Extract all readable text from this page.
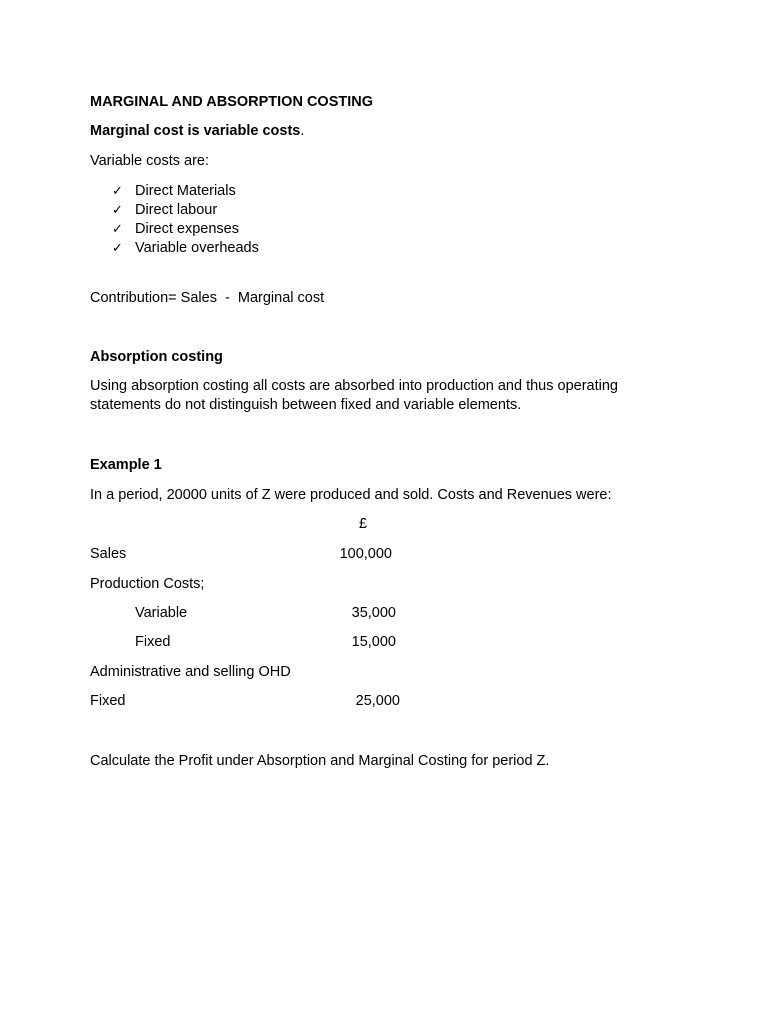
MARGINAL AND ABSORPTION COSTING
Marginal cost is variable costs.
Variable costs are:
✓ Direct Materials
✓ Direct labour
✓ Direct expenses
✓ Variable overheads
Contribution= Sales  -  Marginal cost
Absorption costing
Using absorption costing all costs are absorbed into production and thus operating statements do not distinguish between fixed and variable elements.
Example 1
In a period, 20000 units of Z were produced and sold. Costs and Revenues were:
£
Sales	100,000
Production Costs;
Variable	35,000
Fixed	15,000
Administrative and selling OHD
Fixed	25,000
Calculate the Profit under Absorption and Marginal Costing for period Z.
